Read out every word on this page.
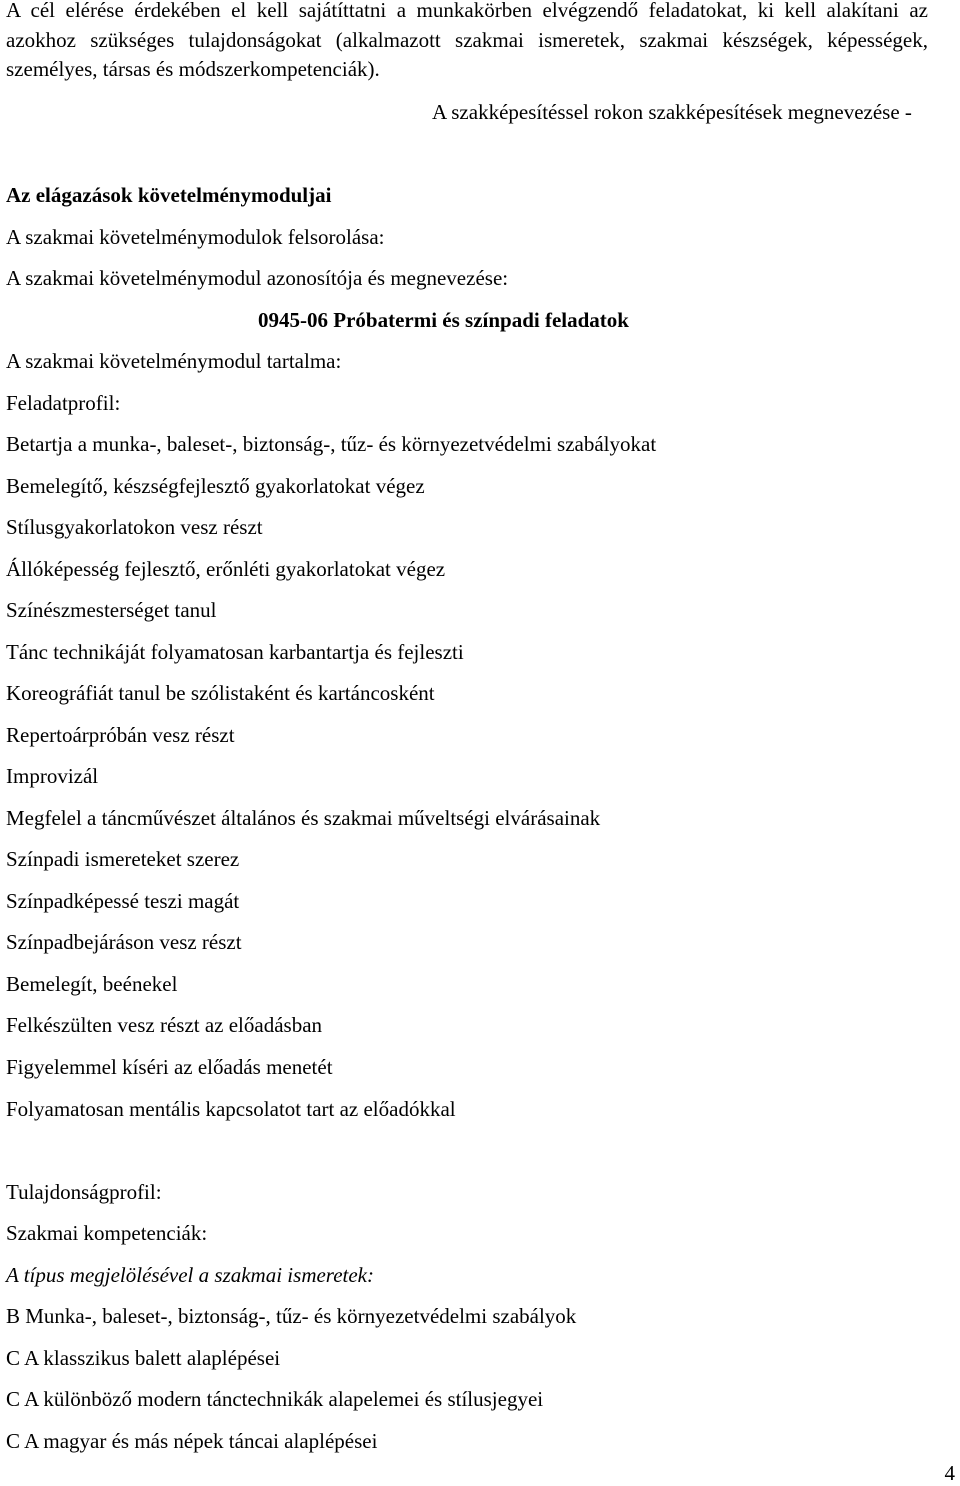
A cél elérése érdekében el kell sajátíttatni a munkakörben elvégzendő feladatokat, ki kell alakítani az azokhoz szükséges tulajdonságokat (alkalmazott szakmai ismeretek, szakmai készségek, képességek, személyes, társas és módszerkompetenciák).
A szakképesítéssel rokon szakképesítések megnevezése -
Az elágazások követelménymoduljai
A szakmai követelménymodulok felsorolása:
A szakmai követelménymodul azonosítója és megnevezése:
0945-06 Próbatermi és színpadi feladatok
A szakmai követelménymodul tartalma:
Feladatprofil:
Betartja a munka-, baleset-, biztonság-, tűz- és környezetvédelmi szabályokat
Bemelegítő, készségfejlesztő gyakorlatokat végez
Stílusgyakorlatokon vesz részt
Állóképesség fejlesztő, erőnléti gyakorlatokat végez
Színészmesterséget tanul
Tánc technikáját folyamatosan karbantartja és fejleszti
Koreográfiát tanul be szólistaként és kartáncosként
Repertoárpróbán vesz részt
Improvizál
Megfelel a táncművészet általános és szakmai műveltségi elvárásainak
Színpadi ismereteket szerez
Színpadképessé teszi magát
Színpadbejáráson vesz részt
Bemelegít, beénekel
Felkészülten vesz részt az előadásban
Figyelemmel kíséri az előadás menetét
Folyamatosan mentális kapcsolatot tart az előadókkal
Tulajdonságprofil:
Szakmai kompetenciák:
A típus megjelölésével a szakmai ismeretek:
B Munka-, baleset-, biztonság-, tűz- és környezetvédelmi szabályok
C A klasszikus balett alaplépései
C A különböző modern tánctechnikák alapelemei és stílusjegyei
C A magyar és más népek táncai alaplépései
4
